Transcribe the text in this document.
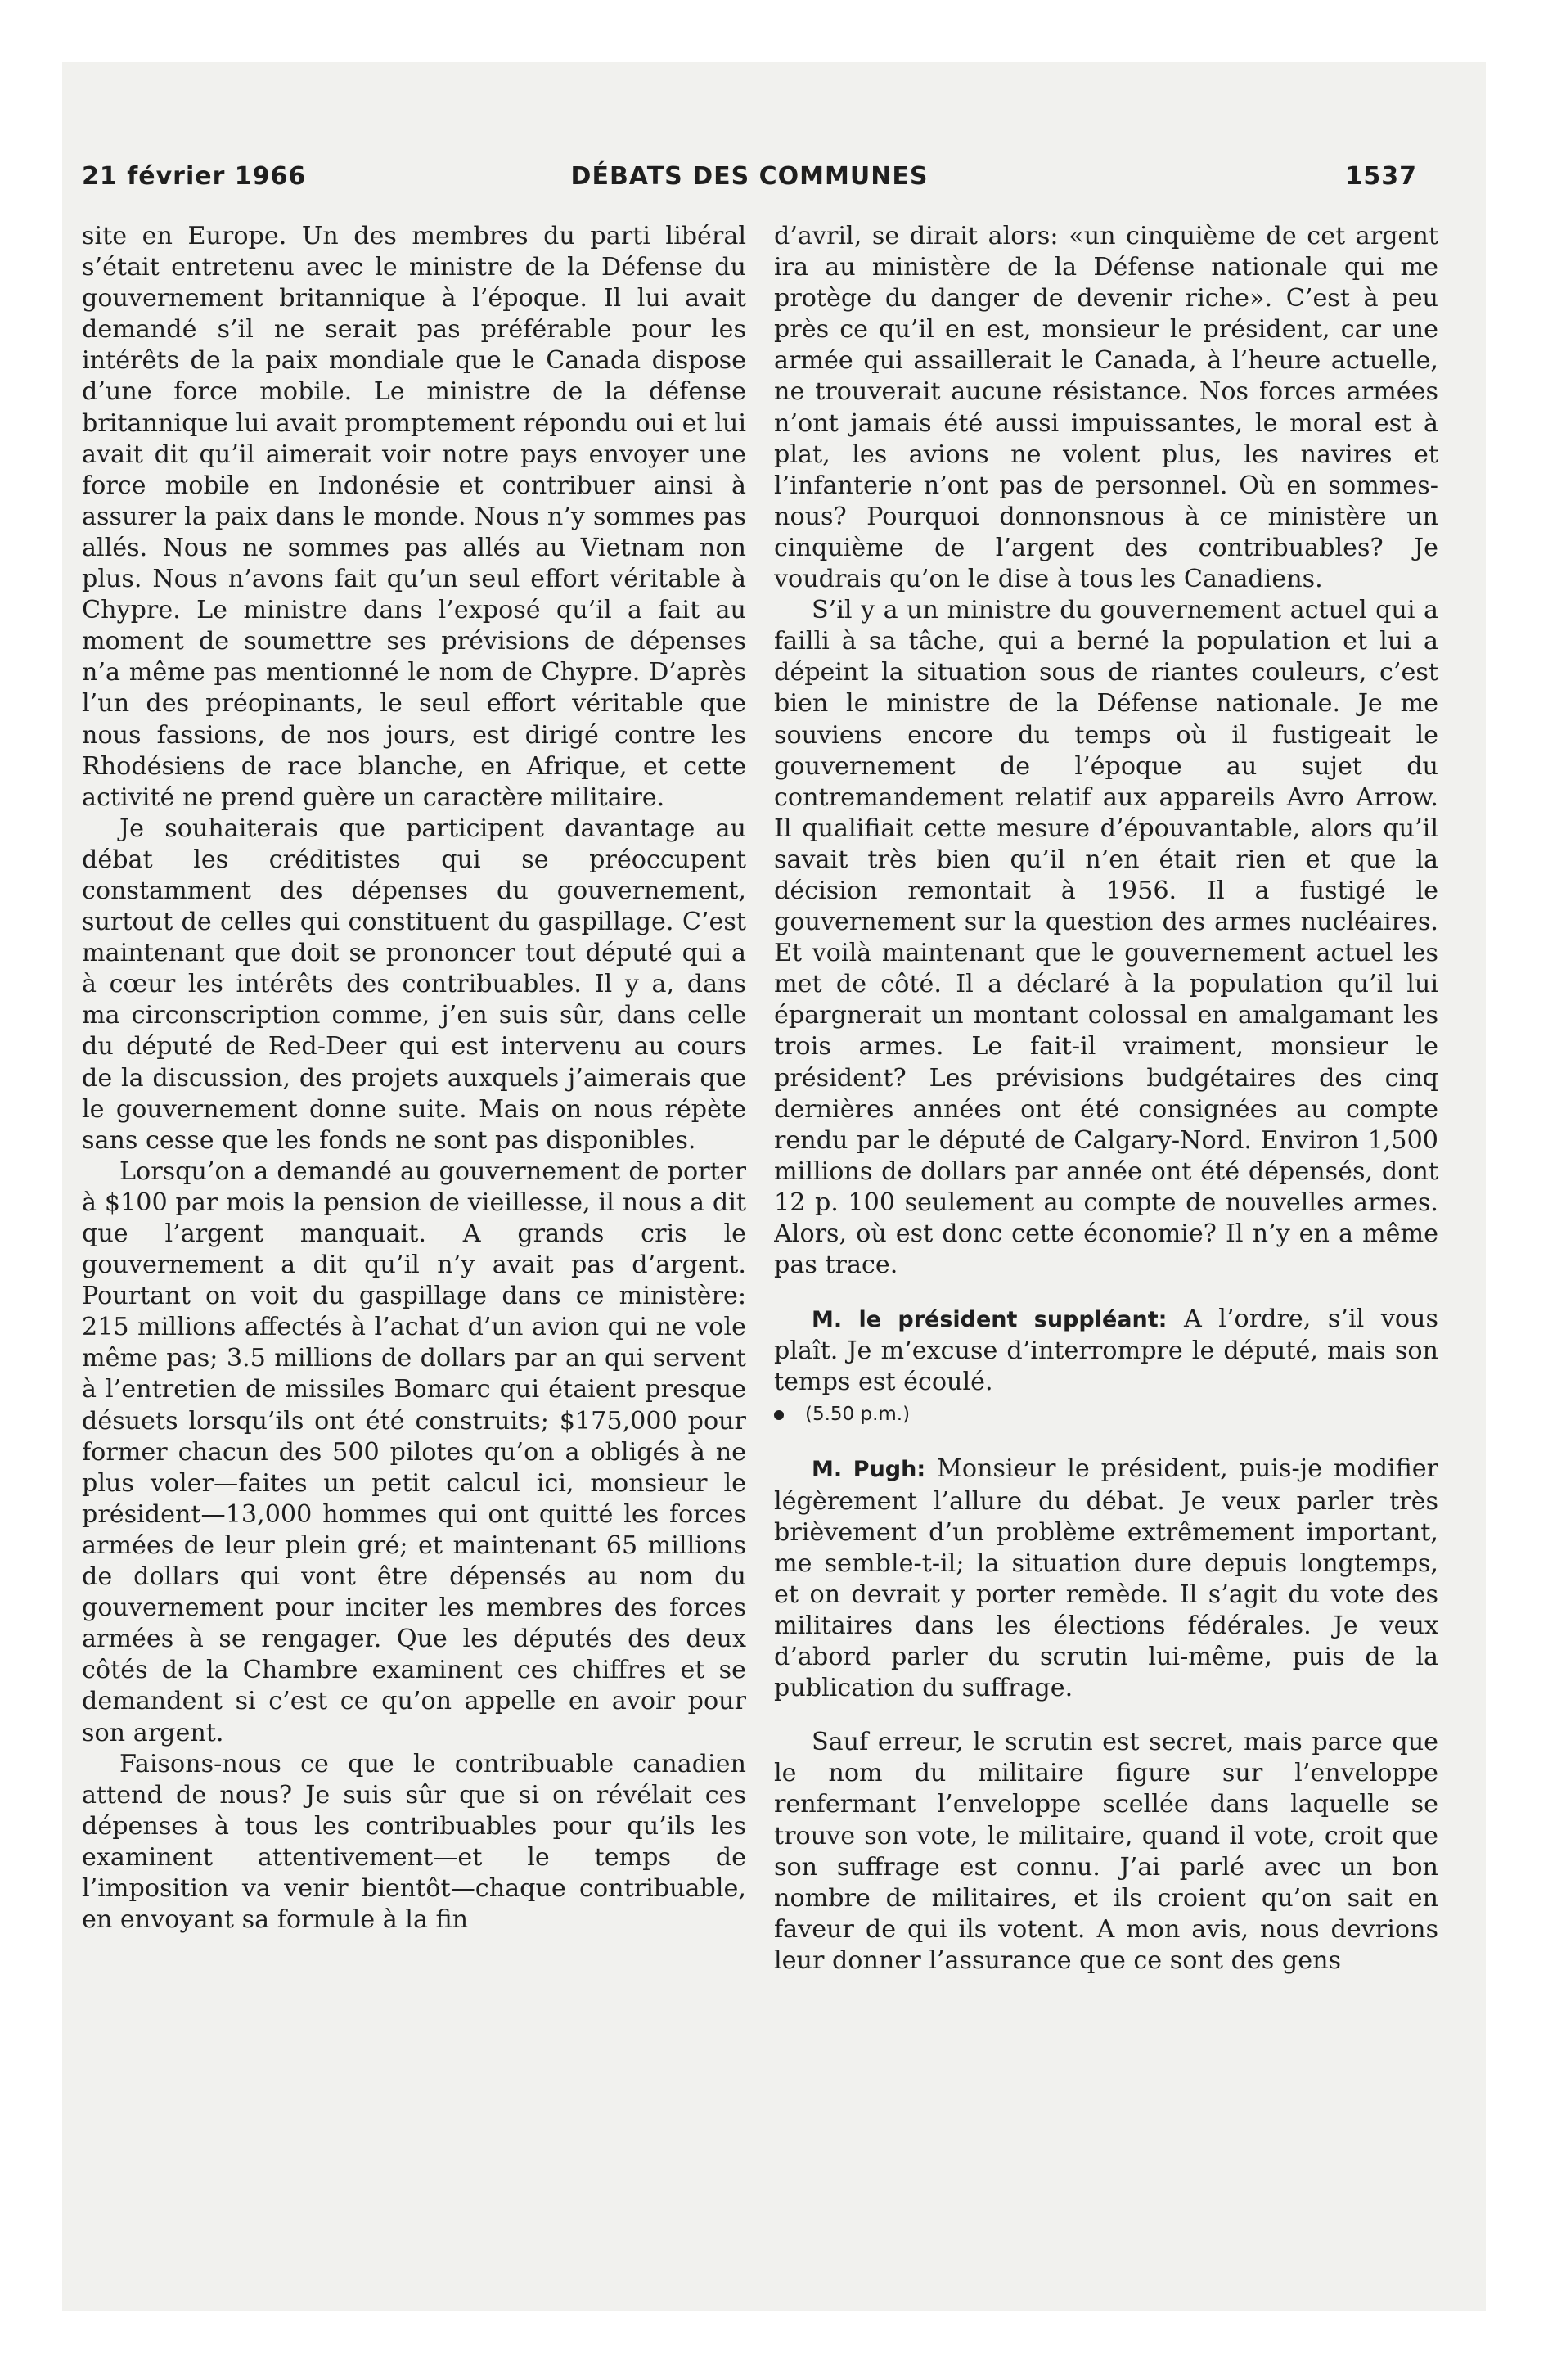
21 février 1966	DÉBATS DES COMMUNES	1537

site en Europe. Un des membres du parti libéral s’était entretenu avec le ministre de la Défense du gouvernement britannique à l’époque. Il lui avait demandé s’il ne serait pas préférable pour les intérêts de la paix mondiale que le Canada dispose d’une force mobile. Le ministre de la défense britannique lui avait promptement répondu oui et lui avait dit qu’il aimerait voir notre pays envoyer une force mobile en Indonésie et contribuer ainsi à assurer la paix dans le monde. Nous n’y sommes pas allés. Nous ne sommes pas allés au Vietnam non plus. Nous n’avons fait qu’un seul effort véritable à Chypre. Le ministre dans l’exposé qu’il a fait au moment de soumettre ses prévisions de dépenses n’a même pas mentionné le nom de Chypre. D’après l’un des préopinants, le seul effort véritable que nous fassions, de nos jours, est dirigé contre les Rhodésiens de race blanche, en Afrique, et cette activité ne prend guère un caractère militaire.

Je souhaiterais que participent davantage au débat les créditistes qui se préoccupent constamment des dépenses du gouvernement, surtout de celles qui constituent du gaspillage. C’est maintenant que doit se prononcer tout député qui a à cœur les intérêts des contribuables. Il y a, dans ma circonscription comme, j’en suis sûr, dans celle du député de Red-Deer qui est intervenu au cours de la discussion, des projets auxquels j’aimerais que le gouvernement donne suite. Mais on nous répète sans cesse que les fonds ne sont pas disponibles.

Lorsqu’on a demandé au gouvernement de porter à $100 par mois la pension de vieillesse, il nous a dit que l’argent manquait. A grands cris le gouvernement a dit qu’il n’y avait pas d’argent. Pourtant on voit du gaspillage dans ce ministère: 215 millions affectés à l’achat d’un avion qui ne vole même pas; 3.5 millions de dollars par an qui servent à l’entretien de missiles Bomarc qui étaient presque désuets lorsqu’ils ont été construits; $175,000 pour former chacun des 500 pilotes qu’on a obligés à ne plus voler—faites un petit calcul ici, monsieur le président—13,000 hommes qui ont quitté les forces armées de leur plein gré; et maintenant 65 millions de dollars qui vont être dépensés au nom du gouvernement pour inciter les membres des forces armées à se rengager. Que les députés des deux côtés de la Chambre examinent ces chiffres et se demandent si c’est ce qu’on appelle en avoir pour son argent.

Faisons-nous ce que le contribuable canadien attend de nous? Je suis sûr que si on révélait ces dépenses à tous les contribuables pour qu’ils les examinent attentivement—et le temps de l’imposition va venir bientôt—chaque contribuable, en envoyant sa formule à la fin

d’avril, se dirait alors: «un cinquième de cet argent ira au ministère de la Défense nationale qui me protège du danger de devenir riche». C’est à peu près ce qu’il en est, monsieur le président, car une armée qui assaillerait le Canada, à l’heure actuelle, ne trouverait aucune résistance. Nos forces armées n’ont jamais été aussi impuissantes, le moral est à plat, les avions ne volent plus, les navires et l’infanterie n’ont pas de personnel. Où en sommes-nous? Pourquoi donnonsnous à ce ministère un cinquième de l’argent des contribuables? Je voudrais qu’on le dise à tous les Canadiens.

S’il y a un ministre du gouvernement actuel qui a failli à sa tâche, qui a berné la population et lui a dépeint la situation sous de riantes couleurs, c’est bien le ministre de la Défense nationale. Je me souviens encore du temps où il fustigeait le gouvernement de l’époque au sujet du contremandement relatif aux appareils Avro Arrow. Il qualifiait cette mesure d’épouvantable, alors qu’il savait très bien qu’il n’en était rien et que la décision remontait à 1956. Il a fustigé le gouvernement sur la question des armes nucléaires. Et voilà maintenant que le gouvernement actuel les met de côté. Il a déclaré à la population qu’il lui épargnerait un montant colossal en amalgamant les trois armes. Le fait-il vraiment, monsieur le président? Les prévisions budgétaires des cinq dernières années ont été consignées au compte rendu par le député de Calgary-Nord. Environ 1,500 millions de dollars par année ont été dépensés, dont 12 p. 100 seulement au compte de nouvelles armes. Alors, où est donc cette économie? Il n’y en a même pas trace.

M. le président suppléant: A l’ordre, s’il vous plaît. Je m’excuse d’interrompre le député, mais son temps est écoulé.

(5.50 p.m.)

M. Pugh: Monsieur le président, puis-je modifier légèrement l’allure du débat. Je veux parler très brièvement d’un problème extrêmement important, me semble-t-il; la situation dure depuis longtemps, et on devrait y porter remède. Il s’agit du vote des militaires dans les élections fédérales. Je veux d’abord parler du scrutin lui-même, puis de la publication du suffrage.

Sauf erreur, le scrutin est secret, mais parce que le nom du militaire figure sur l’enveloppe renfermant l’enveloppe scellée dans laquelle se trouve son vote, le militaire, quand il vote, croit que son suffrage est connu. J’ai parlé avec un bon nombre de militaires, et ils croient qu’on sait en faveur de qui ils votent. A mon avis, nous devrions leur donner l’assurance que ce sont des gens
